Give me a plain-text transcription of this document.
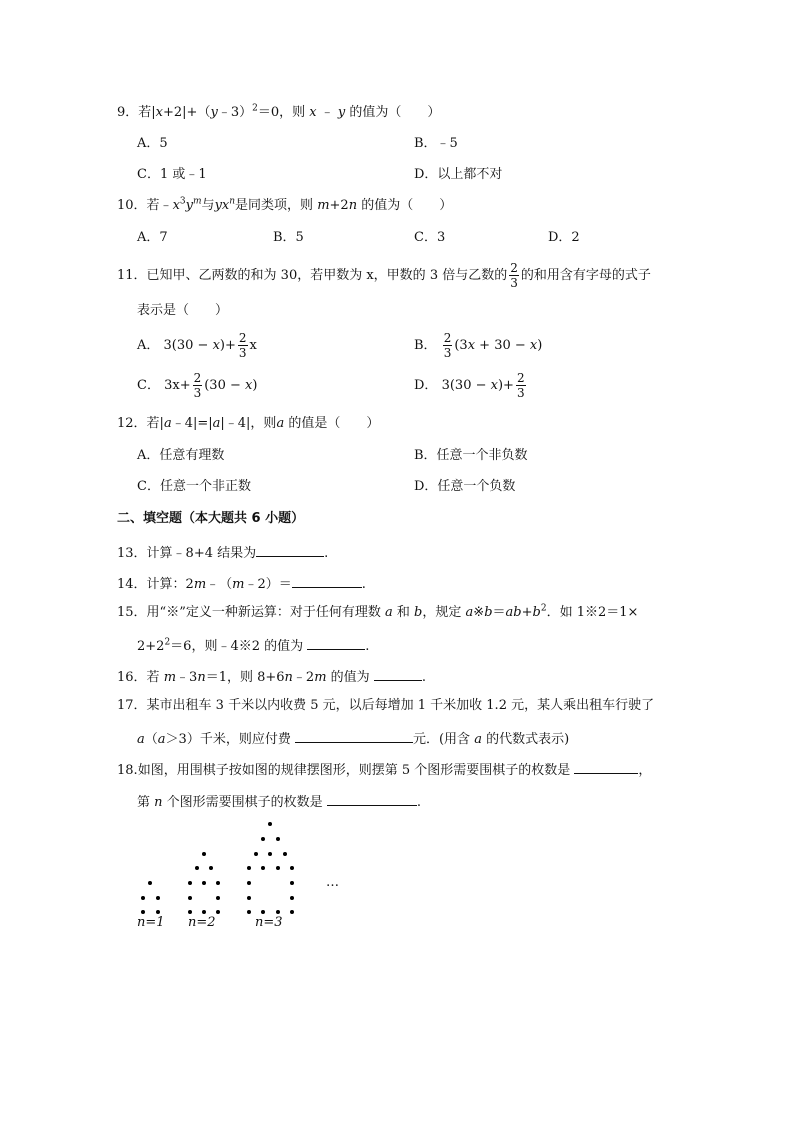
9．若|x+2|+（y﹣3）$^2$＝0，则 x ﹣ y 的值为（　　）
A．5	B．﹣5
C．1 或﹣1	D．以上都不对
10．若$﹣x^3y^m$与$yx^n$是同类项，则 m+2n 的值为（　　）
A．7	B．5	C．3	D．2
11．已知甲、乙两数的和为 30，若甲数为 x，甲数的 3 倍与乙数的 $\frac{2}{3}$ 的和用含有字母的式子
表示是（　　）
A． $3(30 - x)+ \frac{2}{3}$ x	B． $\frac{2}{3} (3x + 30 - x)$
C． $3x+ \frac{2}{3} (30 - x)$	D． $3(30 - x)+ \frac{2}{3}$
12．若|a﹣4|=|a|﹣4|，则a 的值是（　　）
A．任意有理数	B．任意一个非负数
C．任意一个非正数	D．任意一个负数
二、填空题（本大题共 6 小题）
13．计算﹣8+4 结果为	.
14．计算：2m﹣（m﹣2）＝	.
15．用“※”定义一种新运算：对于任何有理数 a 和 b，规定 $a※b=ab+b^2$．如 1※2＝1×
$2+2^2=6$，则﹣4※2 的值为	.
16．若 m﹣3n＝1，则 8+6n﹣2m 的值为	.
17．某市出租车 3 千米以内收费 5 元，以后每增加 1 千米加收 1.2 元，某人乘出租车行驶了
a（a＞3）千米，则应付费	元．(用含 a 的代数式表示)
18.如图，用围棋子按如图的规律摆图形，则摆第 5 个图形需要围棋子的枚数是	，
第 n 个图形需要围棋子的枚数是	.
…
n=1 n=2	n=3
